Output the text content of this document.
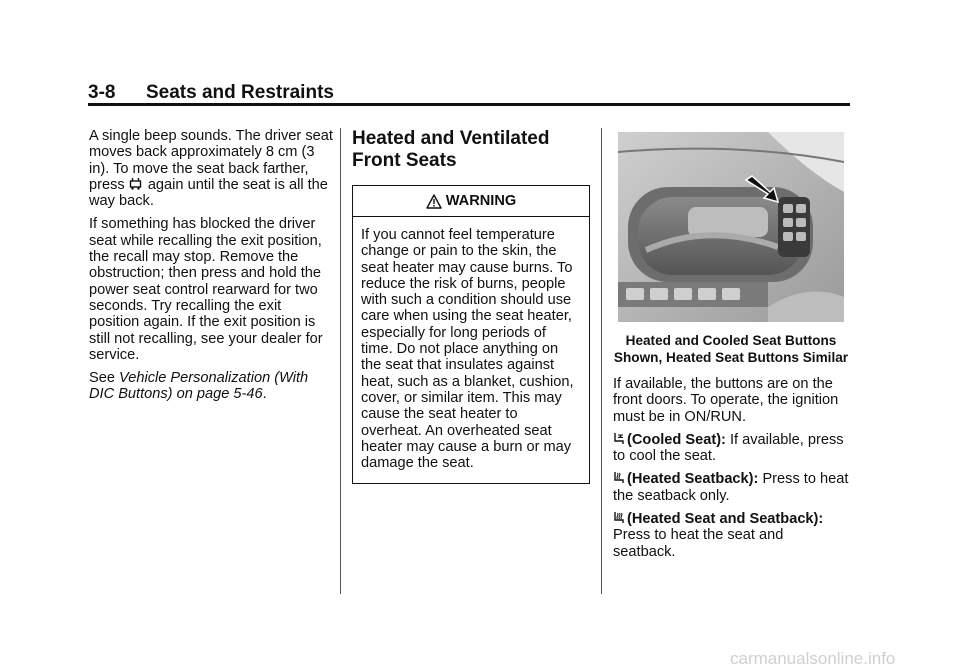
3-8 Seats and Restraints

A single beep sounds. The driver seat moves back approximately 8 cm (3 in). To move the seat back farther, press again until the seat is all the way back.

If something has blocked the driver seat while recalling the exit position, the recall may stop. Remove the obstruction; then press and hold the power seat control rearward for two seconds. Try recalling the exit position again. If the exit position is still not recalling, see your dealer for service.

See Vehicle Personalization (With DIC Buttons) on page 5-46.

Heated and Ventilated Front Seats
WARNING
If you cannot feel temperature change or pain to the skin, the seat heater may cause burns. To reduce the risk of burns, people with such a condition should use care when using the seat heater, especially for long periods of time. Do not place anything on the seat that insulates against heat, such as a blanket, cushion, cover, or similar item. This may cause the seat heater to overheat. An overheated seat heater may cause a burn or may damage the seat.

Heated and Cooled Seat Buttons Shown, Heated Seat Buttons Similar

If available, the buttons are on the front doors. To operate, the ignition must be in ON/RUN.

(Cooled Seat): If available, press to cool the seat.

(Heated Seatback): Press to heat the seatback only.

(Heated Seat and Seatback): Press to heat the seat and seatback.

carmanualsonline.info
